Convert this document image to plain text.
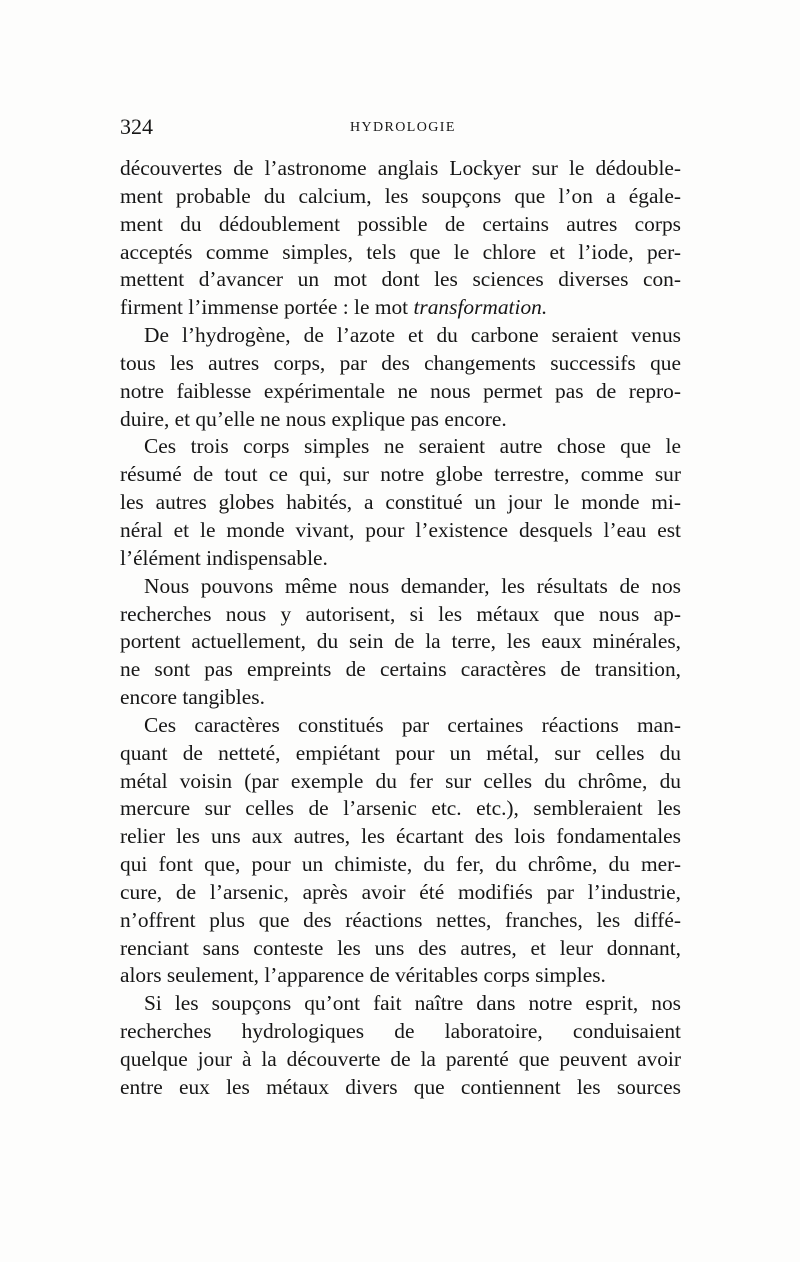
324	HYDROLOGIE
découvertes de l’astronome anglais Lockyer sur le dédouble-
ment probable du calcium, les soupçons que l’on a égale-
ment du dédoublement possible de certains autres corps
acceptés comme simples, tels que le chlore et l’iode, per-
mettent d’avancer un mot dont les sciences diverses con-
firment l’immense portée : le mot transformation.
De l’hydrogène, de l’azote et du carbone seraient venus
tous les autres corps, par des changements successifs que
notre faiblesse expérimentale ne nous permet pas de repro-
duire, et qu’elle ne nous explique pas encore.
Ces trois corps simples ne seraient autre chose que le
résumé de tout ce qui, sur notre globe terrestre, comme sur
les autres globes habités, a constitué un jour le monde mi-
néral et le monde vivant, pour l’existence desquels l’eau est
l’élément indispensable.
Nous pouvons même nous demander, les résultats de nos
recherches nous y autorisent, si les métaux que nous ap-
portent actuellement, du sein de la terre, les eaux minérales,
ne sont pas empreints de certains caractères de transition,
encore tangibles.
Ces caractères constitués par certaines réactions man-
quant de netteté, empiétant pour un métal, sur celles du
métal voisin (par exemple du fer sur celles du chrôme, du
mercure sur celles de l’arsenic etc. etc.), sembleraient les
relier les uns aux autres, les écartant des lois fondamentales
qui font que, pour un chimiste, du fer, du chrôme, du mer-
cure, de l’arsenic, après avoir été modifiés par l’industrie,
n’offrent plus que des réactions nettes, franches, les diffé-
renciant sans conteste les uns des autres, et leur donnant,
alors seulement, l’apparence de véritables corps simples.
Si les soupçons qu’ont fait naître dans notre esprit, nos
recherches hydrologiques de laboratoire, conduisaient
quelque jour à la découverte de la parenté que peuvent avoir
entre eux les métaux divers que contiennent les sources
